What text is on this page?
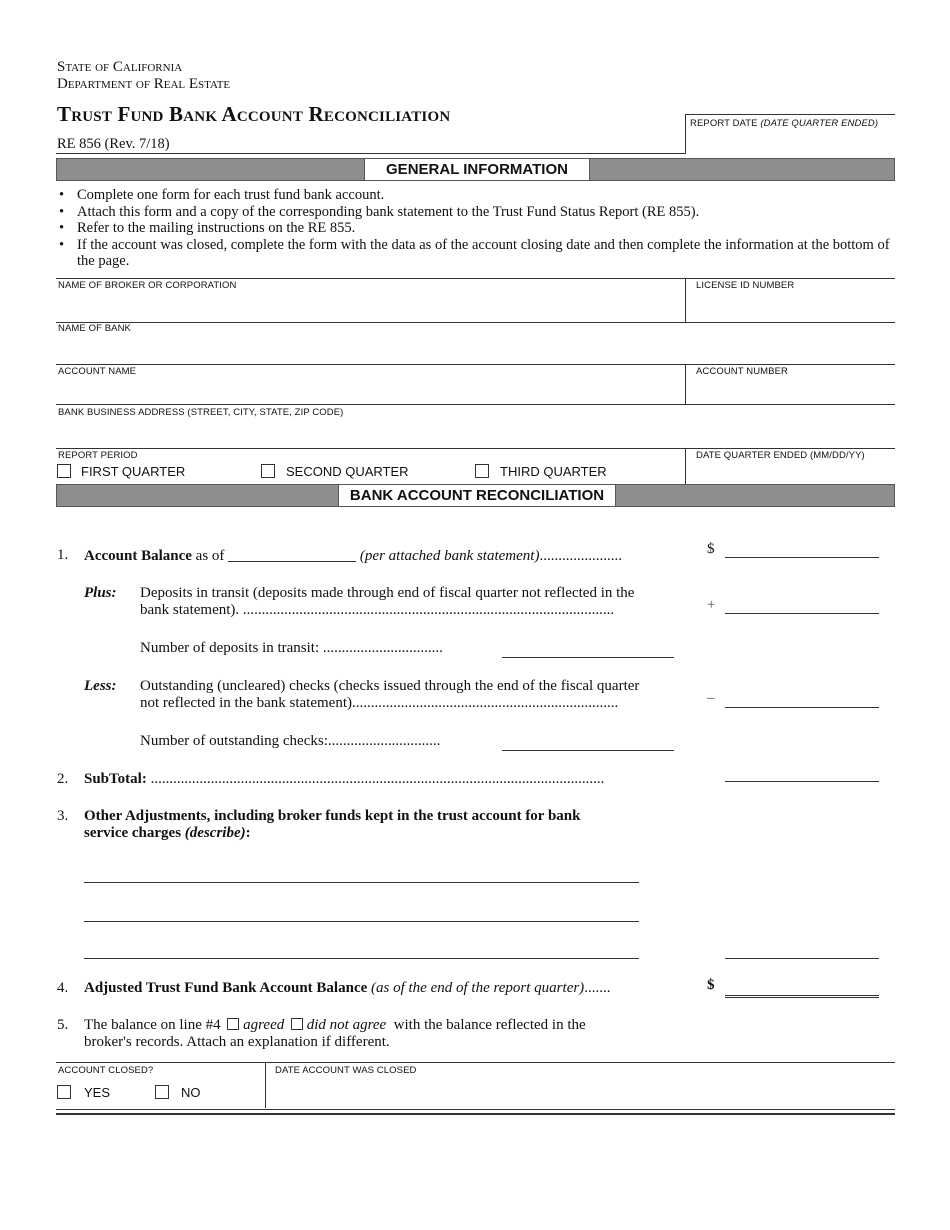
State of California
Department of Real Estate
Trust Fund Bank Account Reconciliation
RE 856 (Rev. 7/18)
REPORT DATE (DATE QUARTER ENDED)
GENERAL INFORMATION
• Complete one form for each trust fund bank account.
• Attach this form and a copy of the corresponding bank statement to the Trust Fund Status Report (RE 855).
• Refer to the mailing instructions on the RE 855.
• If the account was closed, complete the form with the data as of the account closing date and then complete the information at the bottom of the page.
NAME OF BROKER OR CORPORATION	LICENSE ID NUMBER
NAME OF BANK
ACCOUNT NAME	ACCOUNT NUMBER
BANK BUSINESS ADDRESS (STREET, CITY, STATE, ZIP CODE)
REPORT PERIOD	DATE QUARTER ENDED (MM/DD/YY)
FIRST QUARTER	SECOND QUARTER	THIRD QUARTER
BANK ACCOUNT RECONCILIATION
1. Account Balance as of	(per attached bank statement)......................	$
Plus: Deposits in transit (deposits made through end of fiscal quarter not reflected in the
bank statement). ...................................................................................................	+
Number of deposits in transit: ................................
Less: Outstanding (uncleared) checks (checks issued through the end of the fiscal quarter
not reflected in the bank statement).......................................................................	–
Number of outstanding checks:..............................
2. SubTotal: .........................................................................................................................
3. Other Adjustments, including broker funds kept in the trust account for bank
service charges (describe):
4. Adjusted Trust Fund Bank Account Balance (as of the end of the report quarter).......	$
5. The balance on line #4 agreed did not agree with the balance reflected in the
broker's records. Attach an explanation if different.
ACCOUNT CLOSED?
YES	NO
DATE ACCOUNT WAS CLOSED
